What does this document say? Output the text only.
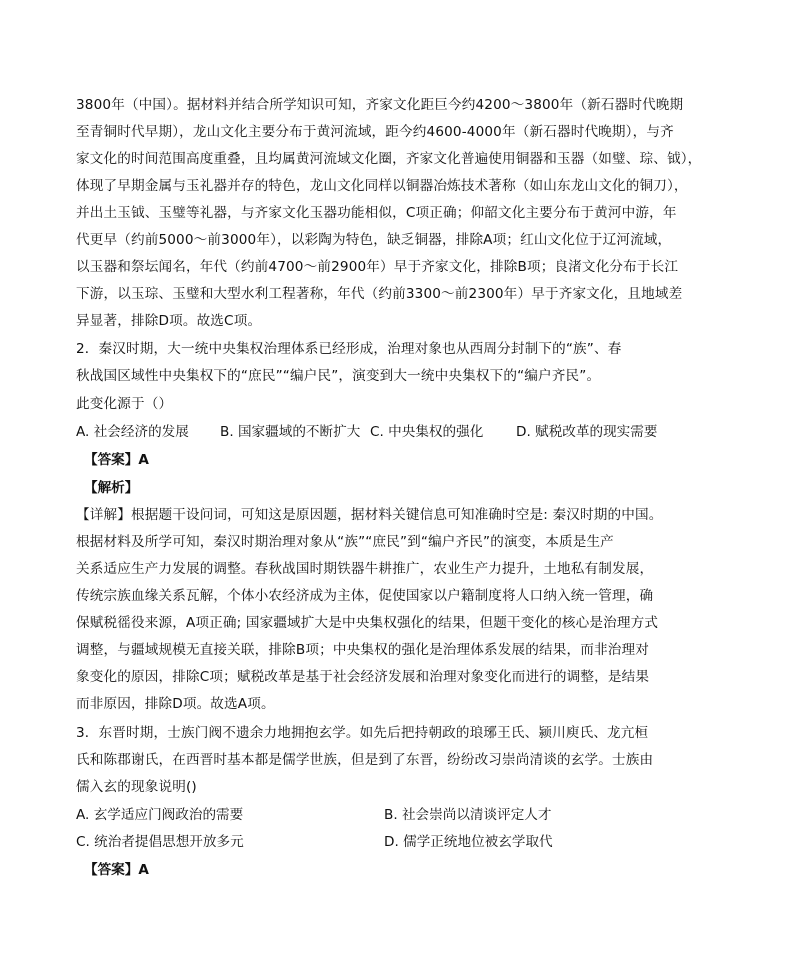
3800年（中国）。据材料并结合所学知识可知，齐家文化距巨今约4200～3800年（新石器时代晚期
至青铜时代早期），龙山文化主要分布于黄河流域，距今约4600-4000年（新石器时代晚期），与齐
家文化的时间范围高度重叠，且均属黄河流域文化圈，齐家文化普遍使用铜器和玉器（如璧、琮、钺），
体现了早期金属与玉礼器并存的特色，龙山文化同样以铜器冶炼技术著称（如山东龙山文化的铜刀），
并出土玉钺、玉璧等礼器，与齐家文化玉器功能相似，C项正确；仰韶文化主要分布于黄河中游，年
代更早（约前5000～前3000年），以彩陶为特色，缺乏铜器，排除A项；红山文化位于辽河流域，
以玉器和祭坛闻名，年代（约前4700～前2900年）早于齐家文化，排除B项；良渚文化分布于长江
下游，以玉琮、玉璧和大型水利工程著称，年代（约前3300～前2300年）早于齐家文化，且地域差
异显著，排除D项。故选C项。
2．秦汉时期，大一统中央集权治理体系已经形成，治理对象也从西周分封制下的“族”、春
秋战国区域性中央集权下的“庶民”“编户民”，演变到大一统中央集权下的“编户齐民”。
此变化源于（）
A. 社会经济的发展 B. 国家疆域的不断扩大 C. 中央集权的强化 D. 赋税改革的现实需要
【答案】A
【解析】
【详解】根据题干设问词，可知这是原因题，据材料关键信息可知准确时空是: 秦汉时期的中国。
根据材料及所学可知，秦汉时期治理对象从“族”“庶民”到“编户齐民”的演变，本质是生产
关系适应生产力发展的调整。春秋战国时期铁器牛耕推广，农业生产力提升，土地私有制发展，
传统宗族血缘关系瓦解，个体小农经济成为主体，促使国家以户籍制度将人口纳入统一管理，确
保赋税徭役来源，A项正确; 国家疆域扩大是中央集权强化的结果，但题干变化的核心是治理方式
调整，与疆域规模无直接关联，排除B项；中央集权的强化是治理体系发展的结果，而非治理对
象变化的原因，排除C项；赋税改革是基于社会经济发展和治理对象变化而进行的调整，是结果
而非原因，排除D项。故选A项。
3．东晋时期，士族门阀不遗余力地拥抱玄学。如先后把持朝政的琅琊王氏、颍川庾氏、龙亢桓
氏和陈郡谢氏，在西晋时基本都是儒学世族，但是到了东晋，纷纷改习崇尚清谈的玄学。士族由
儒入玄的现象说明()
A. 玄学适应门阀政治的需要	B. 社会崇尚以清谈评定人才
C. 统治者提倡思想开放多元	D. 儒学正统地位被玄学取代
【答案】A
